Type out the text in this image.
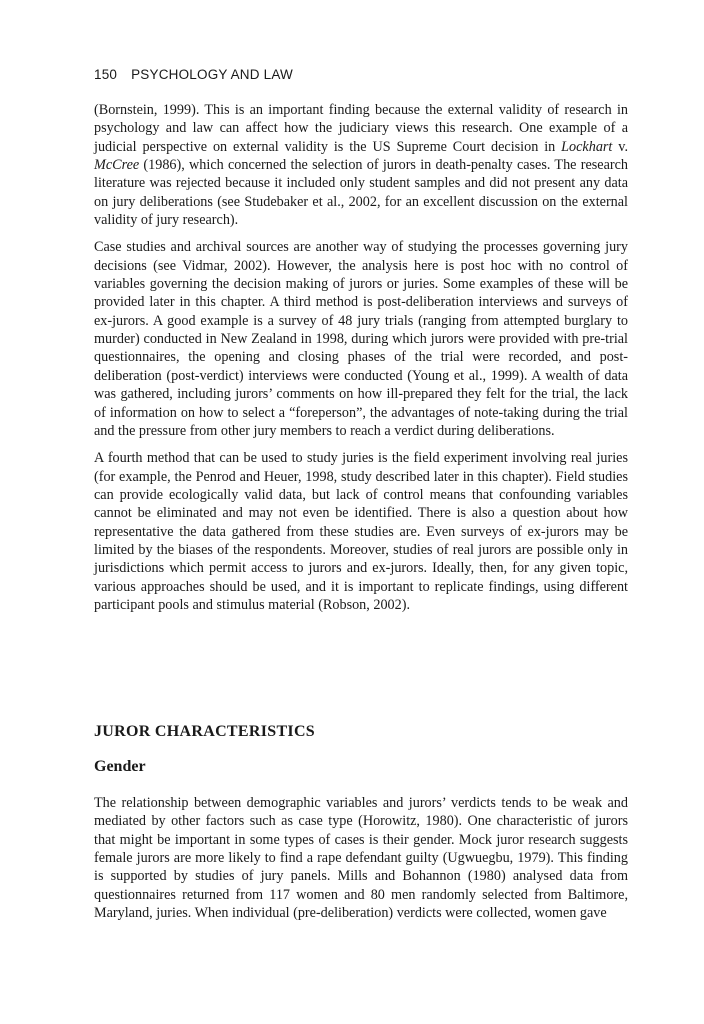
150 PSYCHOLOGY AND LAW

(Bornstein, 1999). This is an important finding because the external validity of research in psychology and law can affect how the judiciary views this research. One example of a judicial perspective on external validity is the US Supreme Court decision in Lockhart v. McCree (1986), which concerned the selection of jurors in death-penalty cases. The research literature was rejected because it included only student samples and did not present any data on jury deliberations (see Studebaker et al., 2002, for an excellent discussion on the external validity of jury research).

Case studies and archival sources are another way of studying the processes governing jury decisions (see Vidmar, 2002). However, the analysis here is post hoc with no control of variables governing the decision making of jurors or juries. Some examples of these will be provided later in this chapter. A third method is post-deliberation interviews and surveys of ex-jurors. A good example is a survey of 48 jury trials (ranging from attempted burglary to murder) conducted in New Zealand in 1998, during which jurors were provided with pre-trial questionnaires, the opening and closing phases of the trial were recorded, and post-deliberation (post-verdict) interviews were conducted (Young et al., 1999). A wealth of data was gathered, including jurors’ comments on how ill-prepared they felt for the trial, the lack of information on how to select a “foreperson”, the advantages of note-taking during the trial and the pressure from other jury members to reach a verdict during deliberations.

A fourth method that can be used to study juries is the field experiment involving real juries (for example, the Penrod and Heuer, 1998, study described later in this chapter). Field studies can provide ecologically valid data, but lack of control means that confounding variables cannot be eliminated and may not even be identified. There is also a question about how representative the data gathered from these studies are. Even surveys of ex-jurors may be limited by the biases of the respondents. Moreover, studies of real jurors are possible only in jurisdictions which permit access to jurors and ex-jurors. Ideally, then, for any given topic, various approaches should be used, and it is important to replicate findings, using different participant pools and stimulus material (Robson, 2002).

JUROR CHARACTERISTICS
Gender

The relationship between demographic variables and jurors’ verdicts tends to be weak and mediated by other factors such as case type (Horowitz, 1980). One characteristic of jurors that might be important in some types of cases is their gender. Mock juror research suggests female jurors are more likely to find a rape defendant guilty (Ugwuegbu, 1979). This finding is supported by studies of jury panels. Mills and Bohannon (1980) analysed data from questionnaires returned from 117 women and 80 men randomly selected from Baltimore, Maryland, juries. When individual (pre-deliberation) verdicts were collected, women gave
